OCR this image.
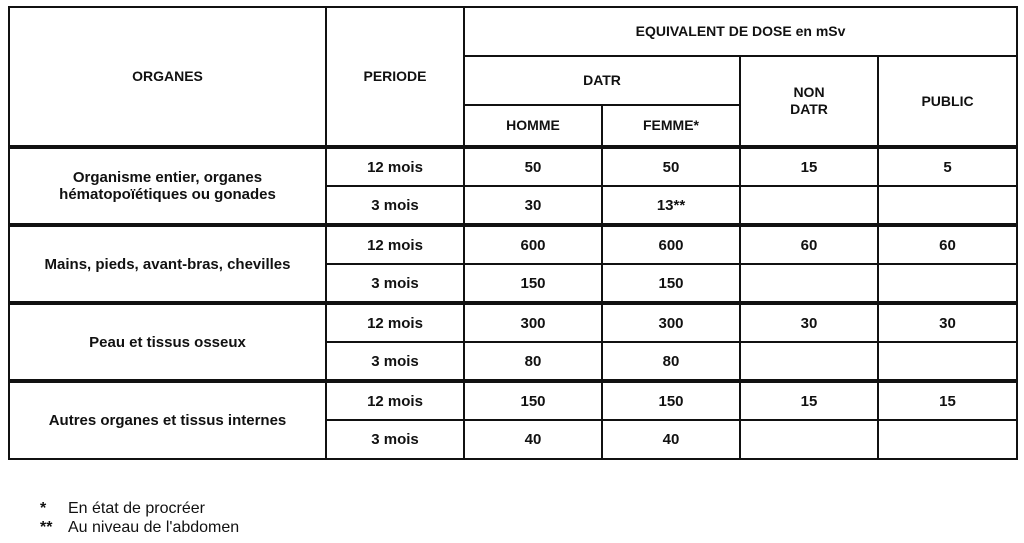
ORGANES	PERIODE	EQUIVALENT DE DOSE en mSv			
		DATR		NON DATR	PUBLIC
		HOMME	FEMME*		
Organisme entier, organes hématopoïétiques ou gonades	12 mois	50	50	15	5
	3 mois	30	13**		
Mains, pieds, avant-bras, chevilles	12 mois	600	600	60	60
	3 mois	150	150		
Peau et tissus osseux	12 mois	300	300	30	30
	3 mois	80	80		
Autres organes et tissus internes	12 mois	150	150	15	15
	3 mois	40	40		
*	En état de procréer
** Au niveau de l'abdomen
